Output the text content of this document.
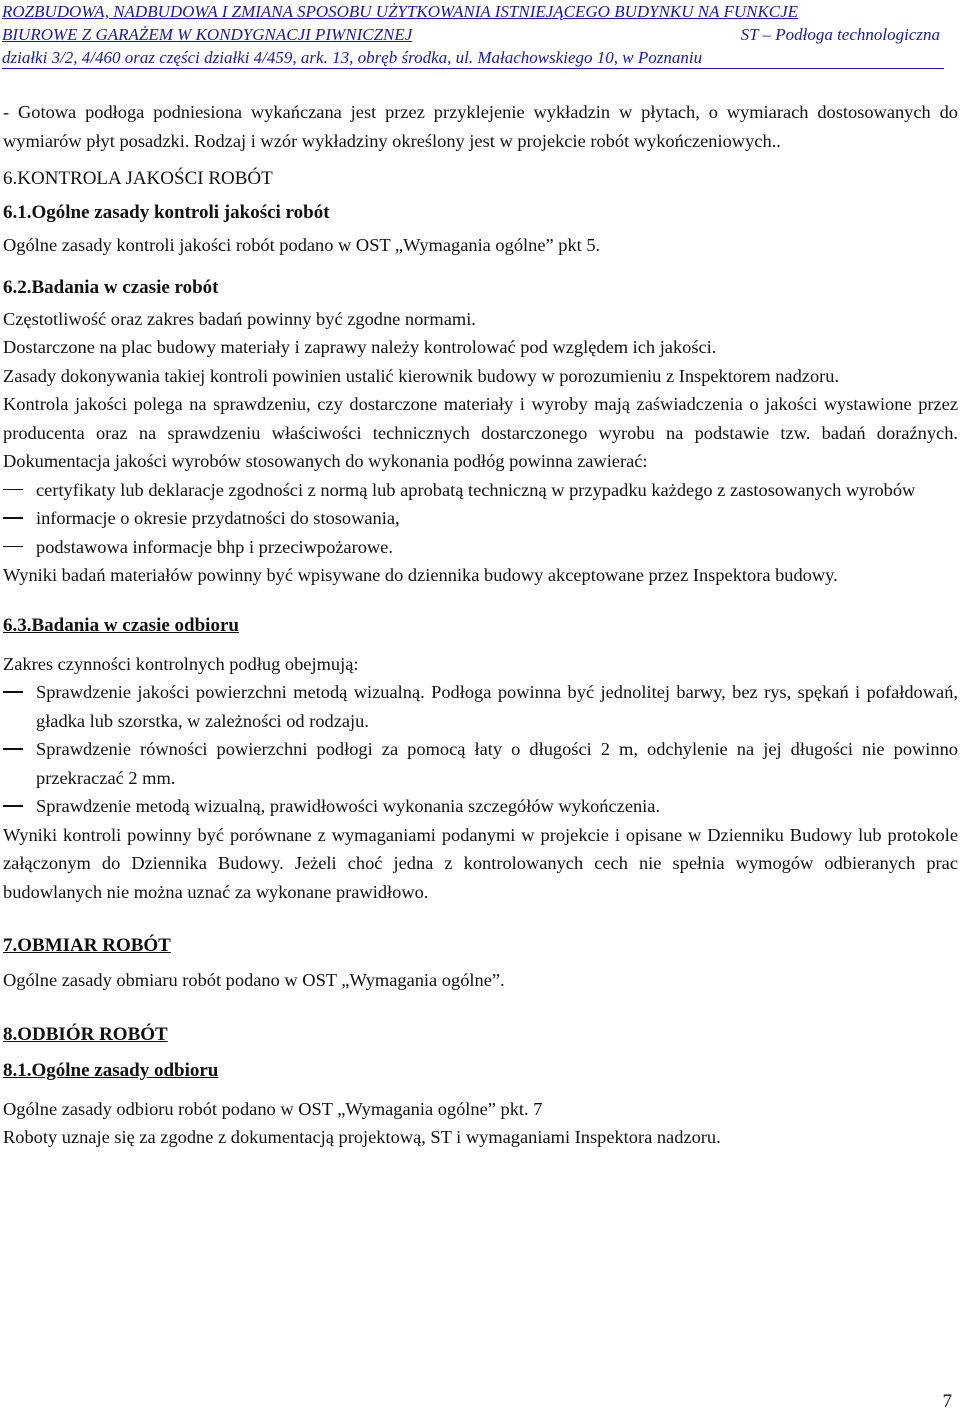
ROZBUDOWA, NADBUDOWA I ZMIANA SPOSOBU UŻYTKOWANIA ISTNIEJĄCEGO BUDYNKU NA FUNKCJE
BIUROWE Z GARAŻEM W KONDYGNACJI PIWNICZNEJ	ST – Podłoga technologiczna
działki 3/2, 4/460 oraz części działki 4/459, ark. 13, obręb środka, ul. Małachowskiego 10, w Poznaniu

- Gotowa podłoga podniesiona wykańczana jest przez przyklejenie wykładzin w płytach, o wymiarach dostosowanych do wymiarów płyt posadzki. Rodzaj i wzór wykładziny określony jest w projekcie robót wykończeniowych..

6.KONTROLA JAKOŚCI ROBÓT
6.1.Ogólne zasady kontroli jakości robót

Ogólne zasady kontroli jakości robót podano w OST „Wymagania ogólne” pkt 5.

6.2.Badania w czasie robót

Częstotliwość oraz zakres badań powinny być zgodne normami.

Dostarczone na plac budowy materiały i zaprawy należy kontrolować pod względem ich jakości.

Zasady dokonywania takiej kontroli powinien ustalić kierownik budowy w porozumieniu z Inspektorem nadzoru.

Kontrola jakości polega na sprawdzeniu, czy dostarczone materiały i wyroby mają zaświadczenia o jakości wystawione przez producenta oraz na sprawdzeniu właściwości technicznych dostarczonego wyrobu na podstawie tzw. badań doraźnych. Dokumentacja jakości wyrobów stosowanych do wykonania podłóg powinna zawierać:

certyfikaty lub deklaracje zgodności z normą lub aprobatą techniczną w przypadku każdego z zastosowanych wyrobów
informacje o okresie przydatności do stosowania,
podstawowa informacje bhp i przeciwpożarowe.

Wyniki badań materiałów powinny być wpisywane do dziennika budowy akceptowane przez Inspektora budowy.

6.3.Badania w czasie odbioru

Zakres czynności kontrolnych podług obejmują:

Sprawdzenie jakości powierzchni metodą wizualną. Podłoga powinna być jednolitej barwy, bez rys, spękań i pofałdowań, gładka lub szorstka, w zależności od rodzaju.
Sprawdzenie równości powierzchni podłogi za pomocą łaty o długości 2 m, odchylenie na jej długości nie powinno przekraczać 2 mm.
Sprawdzenie metodą wizualną, prawidłowości wykonania szczegółów wykończenia.

Wyniki kontroli powinny być porównane z wymaganiami podanymi w projekcie i opisane w Dzienniku Budowy lub protokole załączonym do Dziennika Budowy. Jeżeli choć jedna z kontrolowanych cech nie spełnia wymogów odbieranych prac budowlanych nie można uznać za wykonane prawidłowo.

7.OBMIAR ROBÓT

Ogólne zasady obmiaru robót podano w OST „Wymagania ogólne”.

8.ODBIÓR ROBÓT
8.1.Ogólne zasady odbioru

Ogólne zasady odbioru robót podano w OST „Wymagania ogólne” pkt. 7

Roboty uznaje się za zgodne z dokumentacją projektową, ST i wymaganiami Inspektora nadzoru.

7
